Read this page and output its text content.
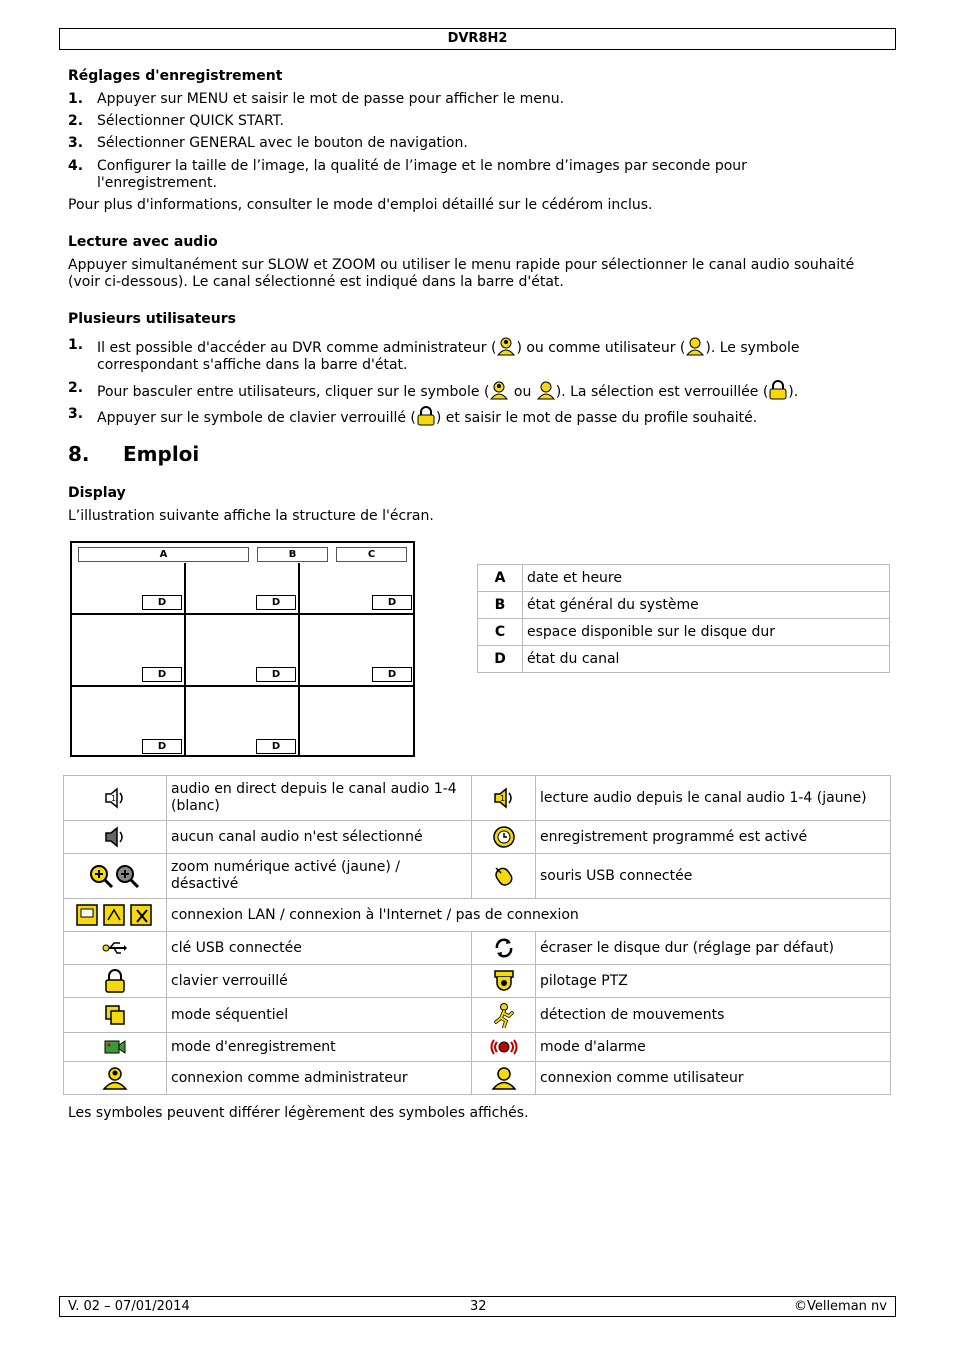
DVR8H2
Réglages d'enregistrement
1. Appuyer sur MENU et saisir le mot de passe pour afficher le menu.
2. Sélectionner QUICK START.
3. Sélectionner GENERAL avec le bouton de navigation.
4. Configurer la taille de l’image, la qualité de l’image et le nombre d’images par seconde pour l'enregistrement.
Pour plus d'informations, consulter le mode d'emploi détaillé sur le cédérom inclus.
Lecture avec audio
Appuyer simultanément sur SLOW et ZOOM ou utiliser le menu rapide pour sélectionner le canal audio souhaité (voir ci-dessous). Le canal sélectionné est indiqué dans la barre d'état.
Plusieurs utilisateurs
1. Il est possible d'accéder au DVR comme administrateur ( ) ou comme utilisateur ( ). Le symbole correspondant s'affiche dans la barre d'état.
2. Pour basculer entre utilisateurs, cliquer sur le symbole ( ou ). La sélection est verrouillée ( ).
3. Appuyer sur le symbole de clavier verrouillé ( ) et saisir le mot de passe du profile souhaité.
8. Emploi
Display
L’illustration suivante affiche la structure de l'écran.
A	B	C
D	D	D
D	D	D
D	D
A	date et heure
B	état général du système
C	espace disponible sur le disque dur
D	état du canal
1	audio en direct depuis le canal audio 1-4 (blanc)	1	lecture audio depuis le canal audio 1-4 (jaune)
	aucun canal audio n'est sélectionné		enregistrement programmé est activé
	zoom numérique activé (jaune) / désactivé		souris USB connectée
	connexion LAN / connexion à l'Internet / pas de connexion		
	clé USB connectée		écraser le disque dur (réglage par défaut)
	clavier verrouillé		pilotage PTZ
	mode séquentiel		détection de mouvements
	mode d'enregistrement		mode d'alarme
	connexion comme administrateur		connexion comme utilisateur
Les symboles peuvent différer légèrement des symboles affichés.
V. 02 – 07/01/2014	32	©Velleman nv
